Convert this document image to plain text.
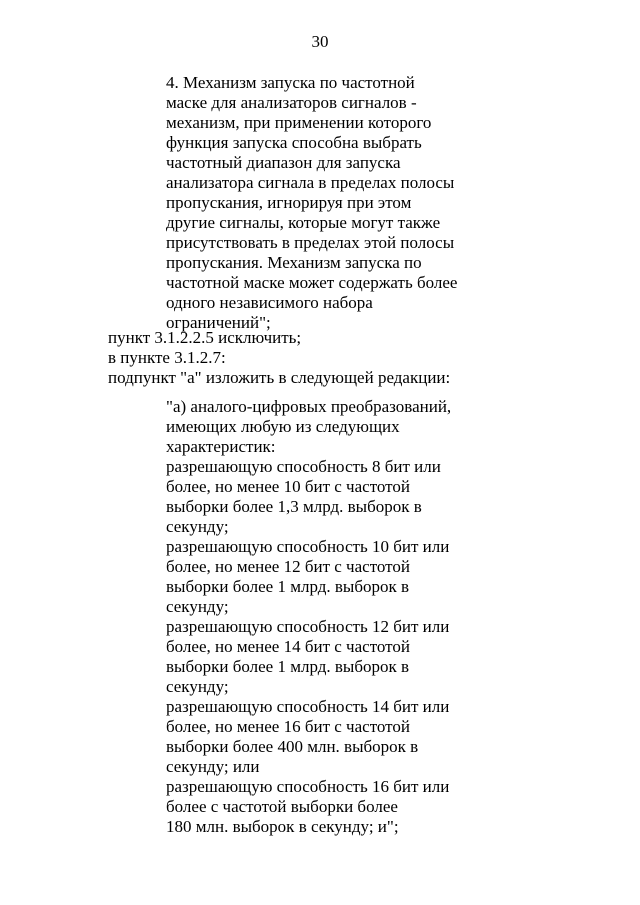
30
4. Механизм запуска по частотной
маске для анализаторов сигналов -
механизм, при применении которого
функция запуска способна выбрать
частотный диапазон для запуска
анализатора сигнала в пределах полосы
пропускания, игнорируя при этом
другие сигналы, которые могут также
присутствовать в пределах этой полосы
пропускания. Механизм запуска по
частотной маске может содержать более
одного независимого набора
ограничений";
пункт 3.1.2.2.5 исключить;
в пункте 3.1.2.7:
подпункт "а" изложить в следующей редакции:
"а) аналого-цифровых преобразований,
имеющих любую из следующих
характеристик:
разрешающую способность 8 бит или
более, но менее 10 бит с частотой
выборки более 1,3 млрд. выборок в
секунду;
разрешающую способность 10 бит или
более, но менее 12 бит с частотой
выборки более 1 млрд. выборок в
секунду;
разрешающую способность 12 бит или
более, но менее 14 бит с частотой
выборки более 1 млрд. выборок в
секунду;
разрешающую способность 14 бит или
более, но менее 16 бит с частотой
выборки более 400 млн. выборок в
секунду; или
разрешающую способность 16 бит или
более с частотой выборки более
180 млн. выборок в секунду; и";
